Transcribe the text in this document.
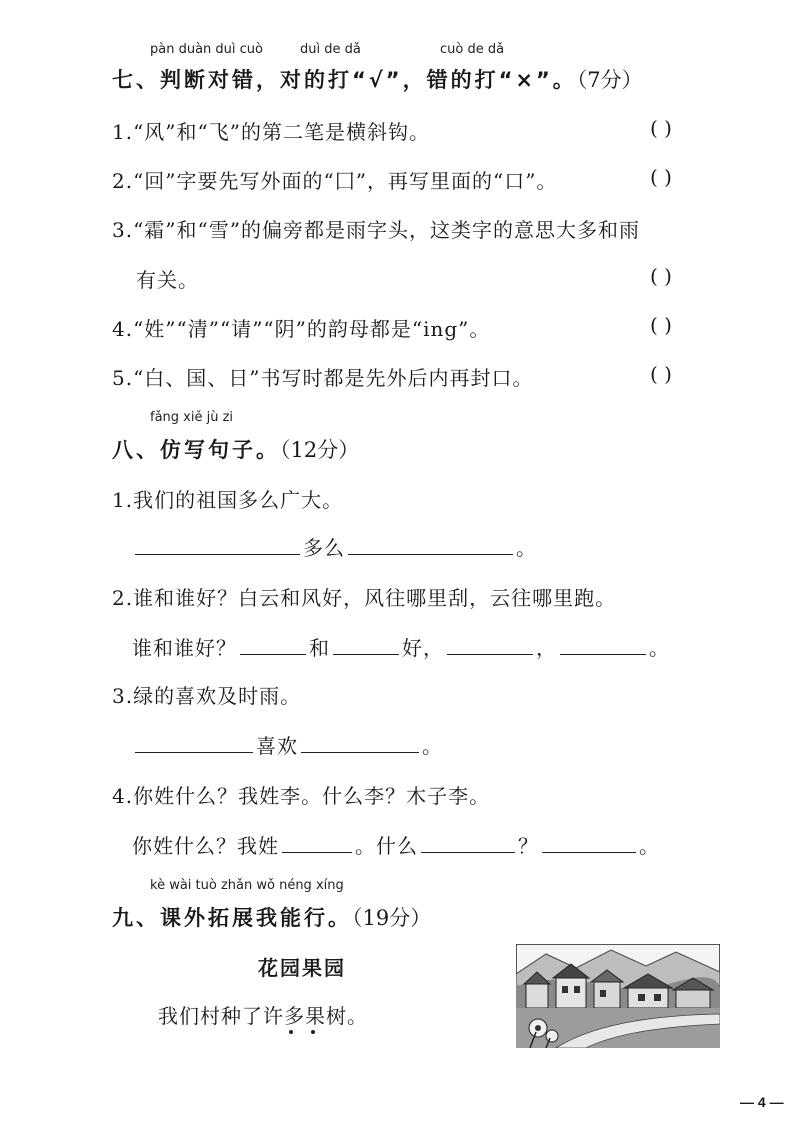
pàn duàn duì cuò	duì de dǎ	cuò de dǎ
七、判断对错，对的打“√”，错的打“×”。（7分）
1.“风”和“飞”的第二笔是横斜钩。	( )
2.“回”字要先写外面的“囗”，再写里面的“口”。	( )
3.“霜”和“雪”的偏旁都是雨字头，这类字的意思大多和雨
有关。	( )
4.“姓”“清”“请”“阴”的韵母都是“ing”。	( )
5.“白、国、日”书写时都是先外后内再封口。	( )
fǎng xiě jù zi
八、仿写句子。（12分）
1.我们的祖国多么广大。
多么	。
2.谁和谁好？白云和风好，风往哪里刮，云往哪里跑。
谁和谁好？	和	好，	，	。
3.绿的喜欢及时雨。
喜欢	。
4.你姓什么？我姓李。什么李？木子李。
你姓什么？我姓	。什么	？	。
kè wài tuò zhǎn wǒ néng xíng
九、课外拓展我能行。（19分）
花园果园
我们村种了许多果树。
— 4 —
